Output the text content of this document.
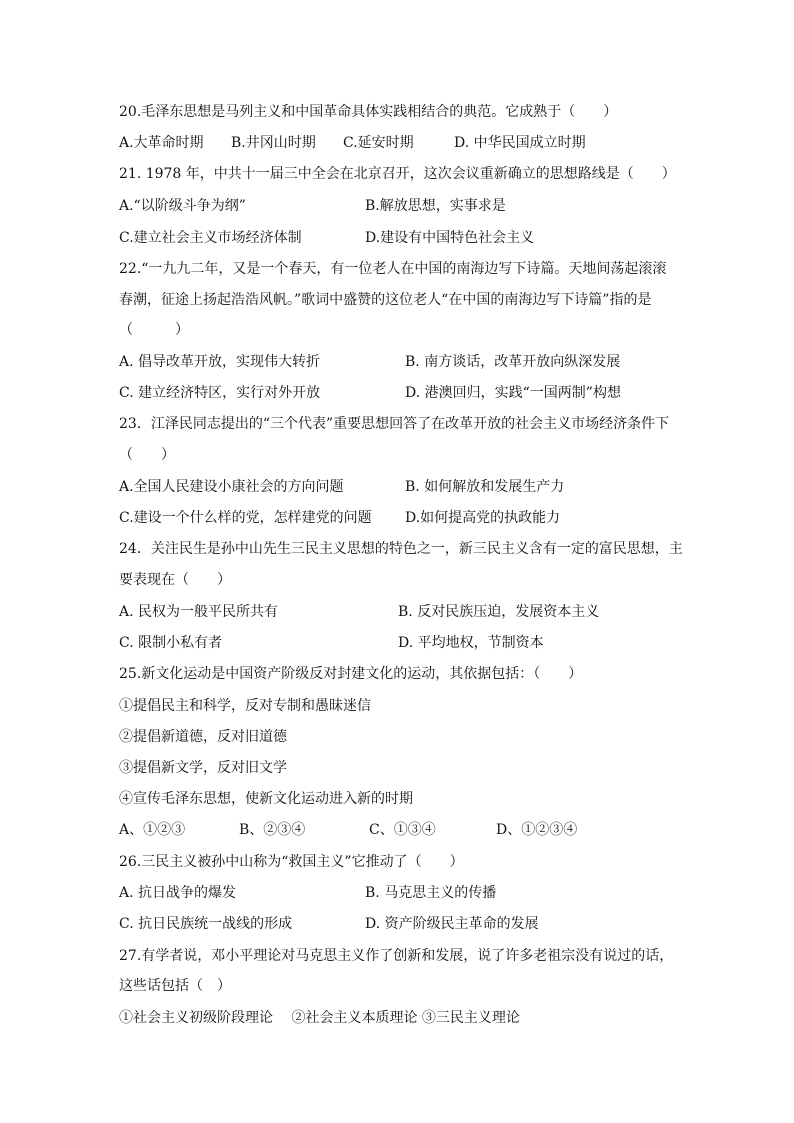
20.毛泽东思想是马列主义和中国革命具体实践相结合的典范。它成熟于（　　）
A.大革命时期 B.井冈山时期 C.延安时期	D. 中华民国成立时期
21. 1978 年，中共十一届三中全会在北京召开，这次会议重新确立的思想路线是（　　）
A.“以阶级斗争为纲”	B.解放思想，实事求是
C.建立社会主义市场经济体制	D.建设有中国特色社会主义
22.“一九九二年，又是一个春天，有一位老人在中国的南海边写下诗篇。天地间荡起滚滚
春潮，征途上扬起浩浩风帆。”歌词中盛赞的这位老人“在中国的南海边写下诗篇”指的是
（　　　）
A. 倡导改革开放，实现伟大转折	B. 南方谈话，改革开放向纵深发展
C. 建立经济特区，实行对外开放	D. 港澳回归，实践“一国两制”构想
23．江泽民同志提出的“三个代表”重要思想回答了在改革开放的社会主义市场经济条件下
（　　）
A.全国人民建设小康社会的方向问题	B. 如何解放和发展生产力
C.建设一个什么样的党，怎样建党的问题 D.如何提高党的执政能力
24．关注民生是孙中山先生三民主义思想的特色之一，新三民主义含有一定的富民思想，主
要表现在（　　）
A. 民权为一般平民所共有	B. 反对民族压迫，发展资本主义
C. 限制小私有者	D. 平均地权，节制资本
25.新文化运动是中国资产阶级反对封建文化的运动，其依据包括：（　　）
①提倡民主和科学，反对专制和愚昧迷信
②提倡新道德，反对旧道德
③提倡新文学，反对旧文学
④宣传毛泽东思想，使新文化运动进入新的时期
A、①②③	B、②③④	C、①③④	D、①②③④
26.三民主义被孙中山称为“救国主义”它推动了（　　）
A. 抗日战争的爆发	B. 马克思主义的传播
C. 抗日民族统一战线的形成	D. 资产阶级民主革命的发展
27.有学者说，邓小平理论对马克思主义作了创新和发展，说了许多老祖宗没有说过的话，
这些话包括（　）
①社会主义初级阶段理论　 ②社会主义本质理论 ③三民主义理论
